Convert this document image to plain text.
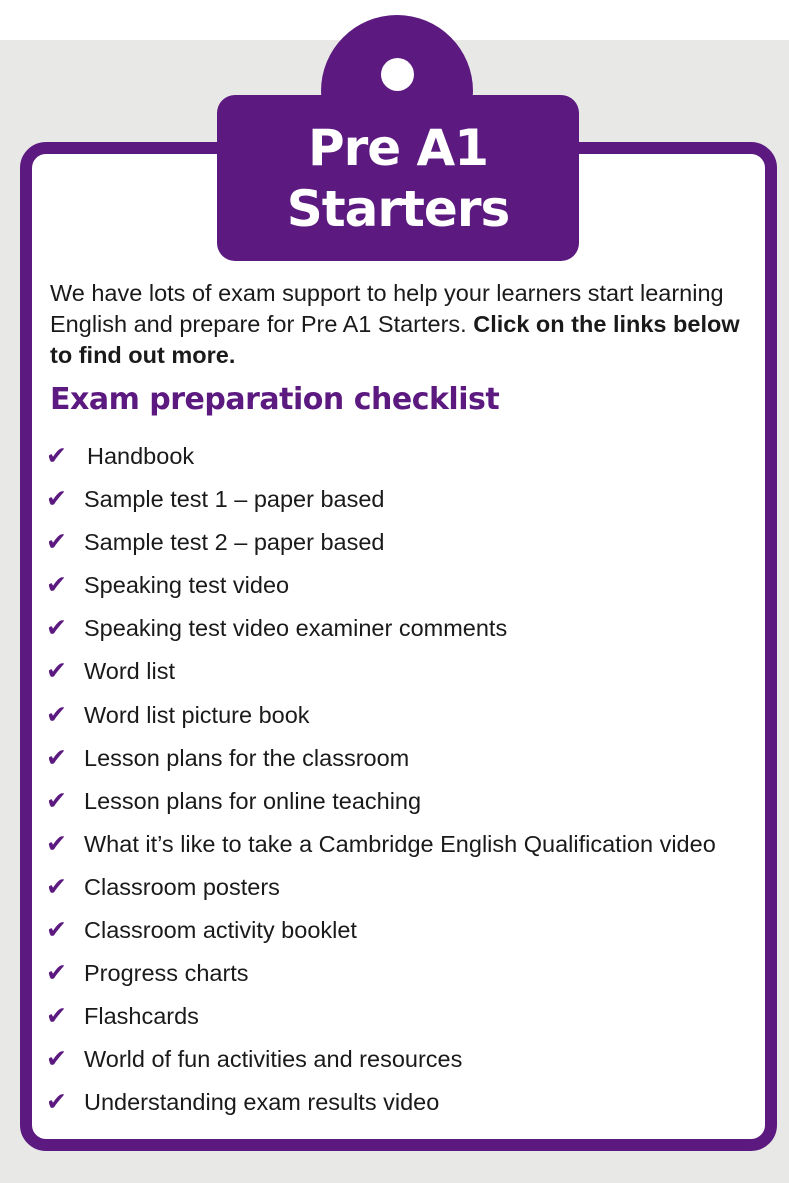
Pre A1
Starters

We have lots of exam support to help your learners start learning English and prepare for Pre A1 Starters. Click on the links below to find out more.

Exam preparation checklist
✔ Handbook
✔ Sample test 1 – paper based
✔ Sample test 2 – paper based
✔ Speaking test video
✔ Speaking test video examiner comments
✔ Word list
✔ Word list picture book
✔ Lesson plans for the classroom
✔ Lesson plans for online teaching
✔ What it’s like to take a Cambridge English Qualification video
✔ Classroom posters
✔ Classroom activity booklet
✔ Progress charts
✔ Flashcards
✔ World of fun activities and resources
✔ Understanding exam results video
